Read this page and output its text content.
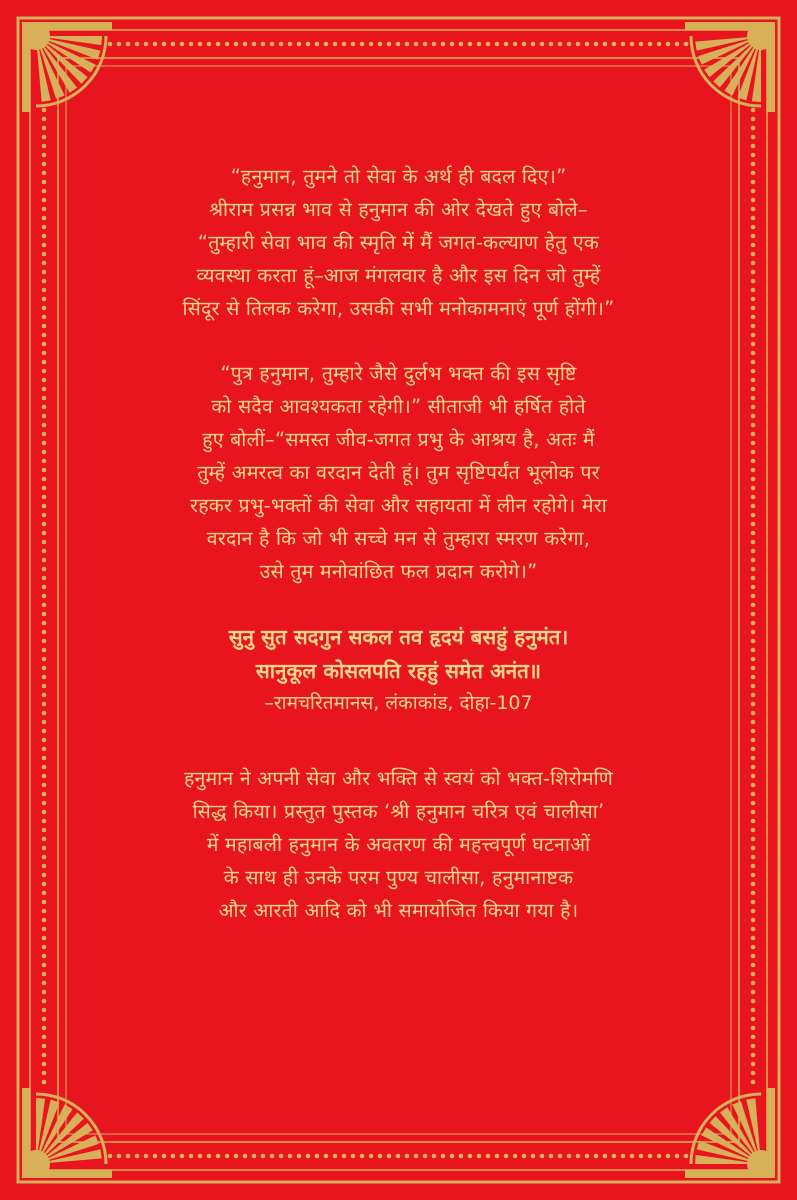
“हनुमान, तुमने तो सेवा के अर्थ ही बदल दिए।”

श्रीराम प्रसन्न भाव से हनुमान की ओर देखते हुए बोले–

“तुम्हारी सेवा भाव की स्मृति में मैं जगत-कल्याण हेतु एक

व्यवस्था करता हूं–आज मंगलवार है और इस दिन जो तुम्हें

सिंदूर से तिलक करेगा, उसकी सभी मनोकामनाएं पूर्ण होंगी।”

“पुत्र हनुमान, तुम्हारे जैसे दुर्लभ भक्त की इस सृष्टि

को सदैव आवश्यकता रहेगी।” सीताजी भी हर्षित होते

हुए बोलीं–“समस्त जीव-जगत प्रभु के आश्रय है, अतः मैं

तुम्हें अमरत्व का वरदान देती हूं। तुम सृष्टिपर्यंत भूलोक पर

रहकर प्रभु-भक्तों की सेवा और सहायता में लीन रहोगे। मेरा

वरदान है कि जो भी सच्चे मन से तुम्हारा स्मरण करेगा,

उसे तुम मनोवांछित फल प्रदान करोगे।”

सुनु सुत सदगुन सकल तव हृदयं बसहुं हनुमंत।

सानुकूल कोसलपति रहहुं समेत अनंत॥

–रामचरितमानस, लंकाकांड, दोहा-107

हनुमान ने अपनी सेवा और भक्ति से स्वयं को भक्त-शिरोमणि

सिद्ध किया। प्रस्तुत पुस्तक ‘श्री हनुमान चरित्र एवं चालीसा’

में महाबली हनुमान के अवतरण की महत्त्वपूर्ण घटनाओं

के साथ ही उनके परम पुण्य चालीसा, हनुमानाष्टक

और आरती आदि को भी समायोजित किया गया है।
